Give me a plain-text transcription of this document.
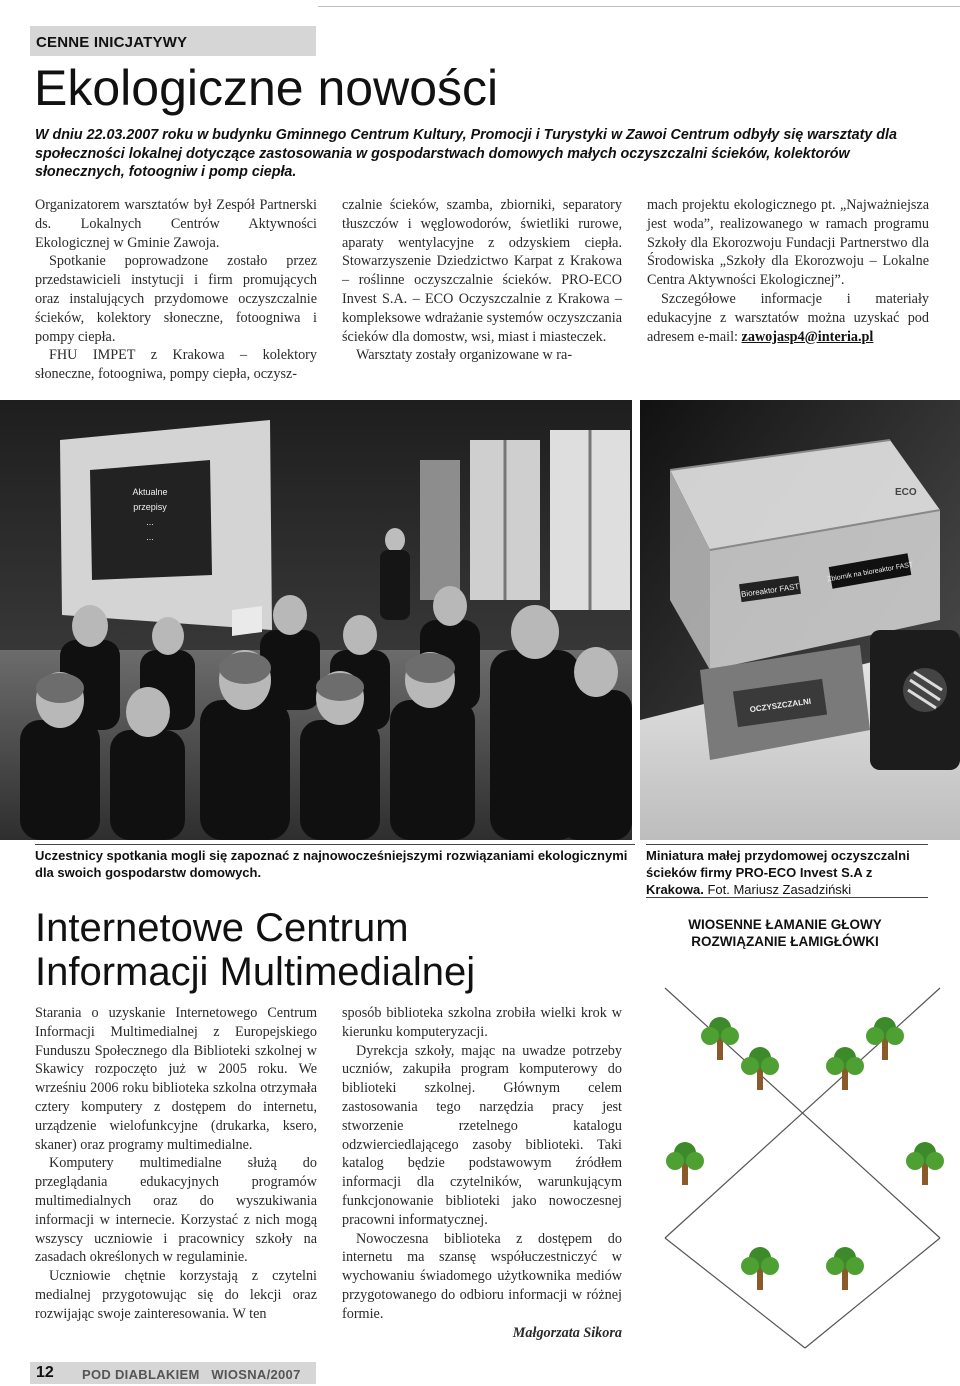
CENNE INICJATYWY
Ekologiczne nowości
W dniu 22.03.2007 roku w budynku Gminnego Centrum Kultury, Promocji i Turystyki w Zawoi Centrum odbyły się warsztaty dla społeczności lokalnej dotyczące zastosowania w gospodarstwach domowych małych oczyszczalni ścieków, kolektorów słonecznych, fotoogniw i pomp ciepła.

Organizatorem warsztatów był Zespół Partnerski ds. Lokalnych Centrów Aktywności Ekologicznej w Gminie Zawoja.

Spotkanie poprowadzone zostało przez przedstawicieli instytucji i firm promujących oraz instalujących przydomowe oczyszczalnie ścieków, kolektory słoneczne, fotoogniwa i pompy ciepła.

FHU IMPET z Krakowa – kolektory słoneczne, fotoogniwa, pompy ciepła, oczysz-

czalnie ścieków, szamba, zbiorniki, separatory tłuszczów i węglowodorów, świetliki rurowe, aparaty wentylacyjne z odzyskiem ciepła. Stowarzyszenie Dziedzictwo Karpat z Krakowa – roślinne oczyszczalnie ścieków. PRO-ECO Invest S.A. – ECO Oczyszczalnie z Krakowa – kompleksowe wdrażanie systemów oczyszczania ścieków dla domostw, wsi, miast i miasteczek.

Warsztaty zostały organizowane w ra-

mach projektu ekologicznego pt. „Najważniejsza jest woda”, realizowanego w ramach programu Szkoły dla Ekorozwoju Fundacji Partnerstwo dla Środowiska „Szkoły dla Ekorozwoju – Lokalne Centra Aktywności Ekologicznej”.

Szczegółowe informacje i materiały edukacyjne z warsztatów można uzyskać pod adresem e-mail: zawojasp4@interia.pl

Aktualne
przepisy
...
...
Bioreaktor FAST
Zbiornik na bioreaktor FAST
ECO
OCZYSZCZALNI
Uczestnicy spotkania mogli się zapoznać z najnowocześniejszymi rozwiązaniami ekologicznymi dla swoich gospodarstw domowych.
Miniatura małej przydomowej oczyszczalni ścieków firmy PRO-ECO Invest S.A z Krakowa. Fot. Mariusz Zasadziński
Internetowe Centrum
Informacji Multimedialnej

Starania o uzyskanie Internetowego Centrum Informacji Multimedialnej z Europejskiego Funduszu Społecznego dla Biblioteki szkolnej w Skawicy rozpoczęto już w 2005 roku. We wrześniu 2006 roku biblioteka szkolna otrzymała cztery komputery z dostępem do internetu, urządzenie wielofunkcyjne (drukarka, ksero, skaner) oraz programy multimedialne.

Komputery multimedialne służą do przeglądania edukacyjnych programów multimedialnych oraz do wyszukiwania informacji w internecie. Korzystać z nich mogą wszyscy uczniowie i pracownicy szkoły na zasadach określonych w regulaminie.

Uczniowie chętnie korzystają z czytelni medialnej przygotowując się do lekcji oraz rozwijając swoje zainteresowania. W ten

sposób biblioteka szkolna zrobiła wielki krok w kierunku komputeryzacji.

Dyrekcja szkoły, mając na uwadze potrzeby uczniów, zakupiła program komputerowy do biblioteki szkolnej. Głównym celem zastosowania tego narzędzia pracy jest stworzenie rzetelnego katalogu odzwierciedlającego zasoby biblioteki. Taki katalog będzie podstawowym źródłem informacji dla czytelników, warunkującym funkcjonowanie biblioteki jako nowoczesnej pracowni informatycznej.

Nowoczesna biblioteka z dostępem do internetu ma szansę współuczestniczyć w wychowaniu świadomego użytkownika mediów przygotowanego do odbioru informacji w różnej formie.

Małgorzata Sikora

WIOSENNE ŁAMANIE GŁOWY
ROZWIĄZANIE ŁAMIGŁÓWKI
12 POD DIABLAKIEM WIOSNA/2007
